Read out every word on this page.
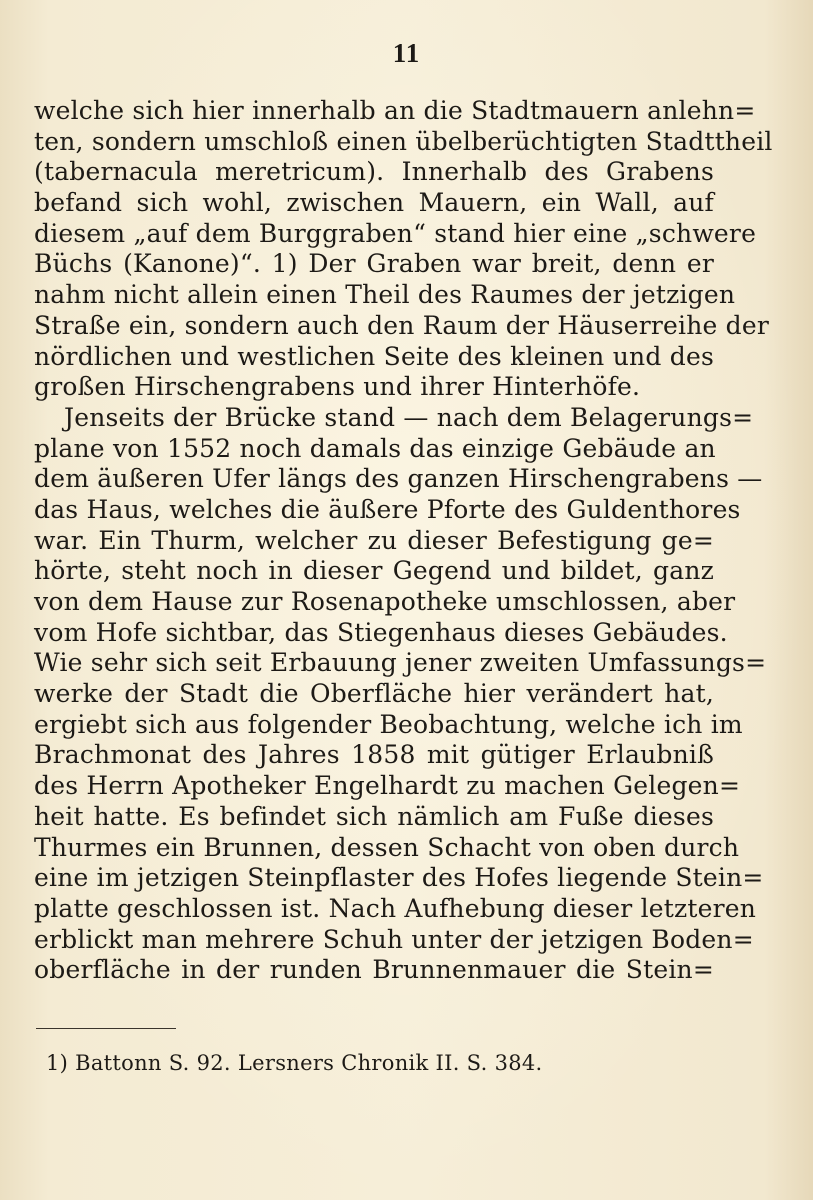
11
welche sich hier innerhalb an die Stadtmauern anlehn=
ten, sondern umschloß einen übelberüchtigten Stadttheil
(tabernacula meretricum). Innerhalb des Grabens
befand sich wohl, zwischen Mauern, ein Wall, auf
diesem „auf dem Burggraben“ stand hier eine „schwere
Büchs (Kanone)“. 1) Der Graben war breit, denn er
nahm nicht allein einen Theil des Raumes der jetzigen
Straße ein, sondern auch den Raum der Häuserreihe der
nördlichen und westlichen Seite des kleinen und des
großen Hirschengrabens und ihrer Hinterhöfe.
Jenseits der Brücke stand — nach dem Belagerungs=
plane von 1552 noch damals das einzige Gebäude an
dem äußeren Ufer längs des ganzen Hirschengrabens —
das Haus, welches die äußere Pforte des Guldenthores
war. Ein Thurm, welcher zu dieser Befestigung ge=
hörte, steht noch in dieser Gegend und bildet, ganz
von dem Hause zur Rosenapotheke umschlossen, aber
vom Hofe sichtbar, das Stiegenhaus dieses Gebäudes.
Wie sehr sich seit Erbauung jener zweiten Umfassungs=
werke der Stadt die Oberfläche hier verändert hat,
ergiebt sich aus folgender Beobachtung, welche ich im
Brachmonat des Jahres 1858 mit gütiger Erlaubniß
des Herrn Apotheker Engelhardt zu machen Gelegen=
heit hatte. Es befindet sich nämlich am Fuße dieses
Thurmes ein Brunnen, dessen Schacht von oben durch
eine im jetzigen Steinpflaster des Hofes liegende Stein=
platte geschlossen ist. Nach Aufhebung dieser letzteren
erblickt man mehrere Schuh unter der jetzigen Boden=
oberfläche in der runden Brunnenmauer die Stein=
1) Battonn S. 92. Lersners Chronik II. S. 384.
